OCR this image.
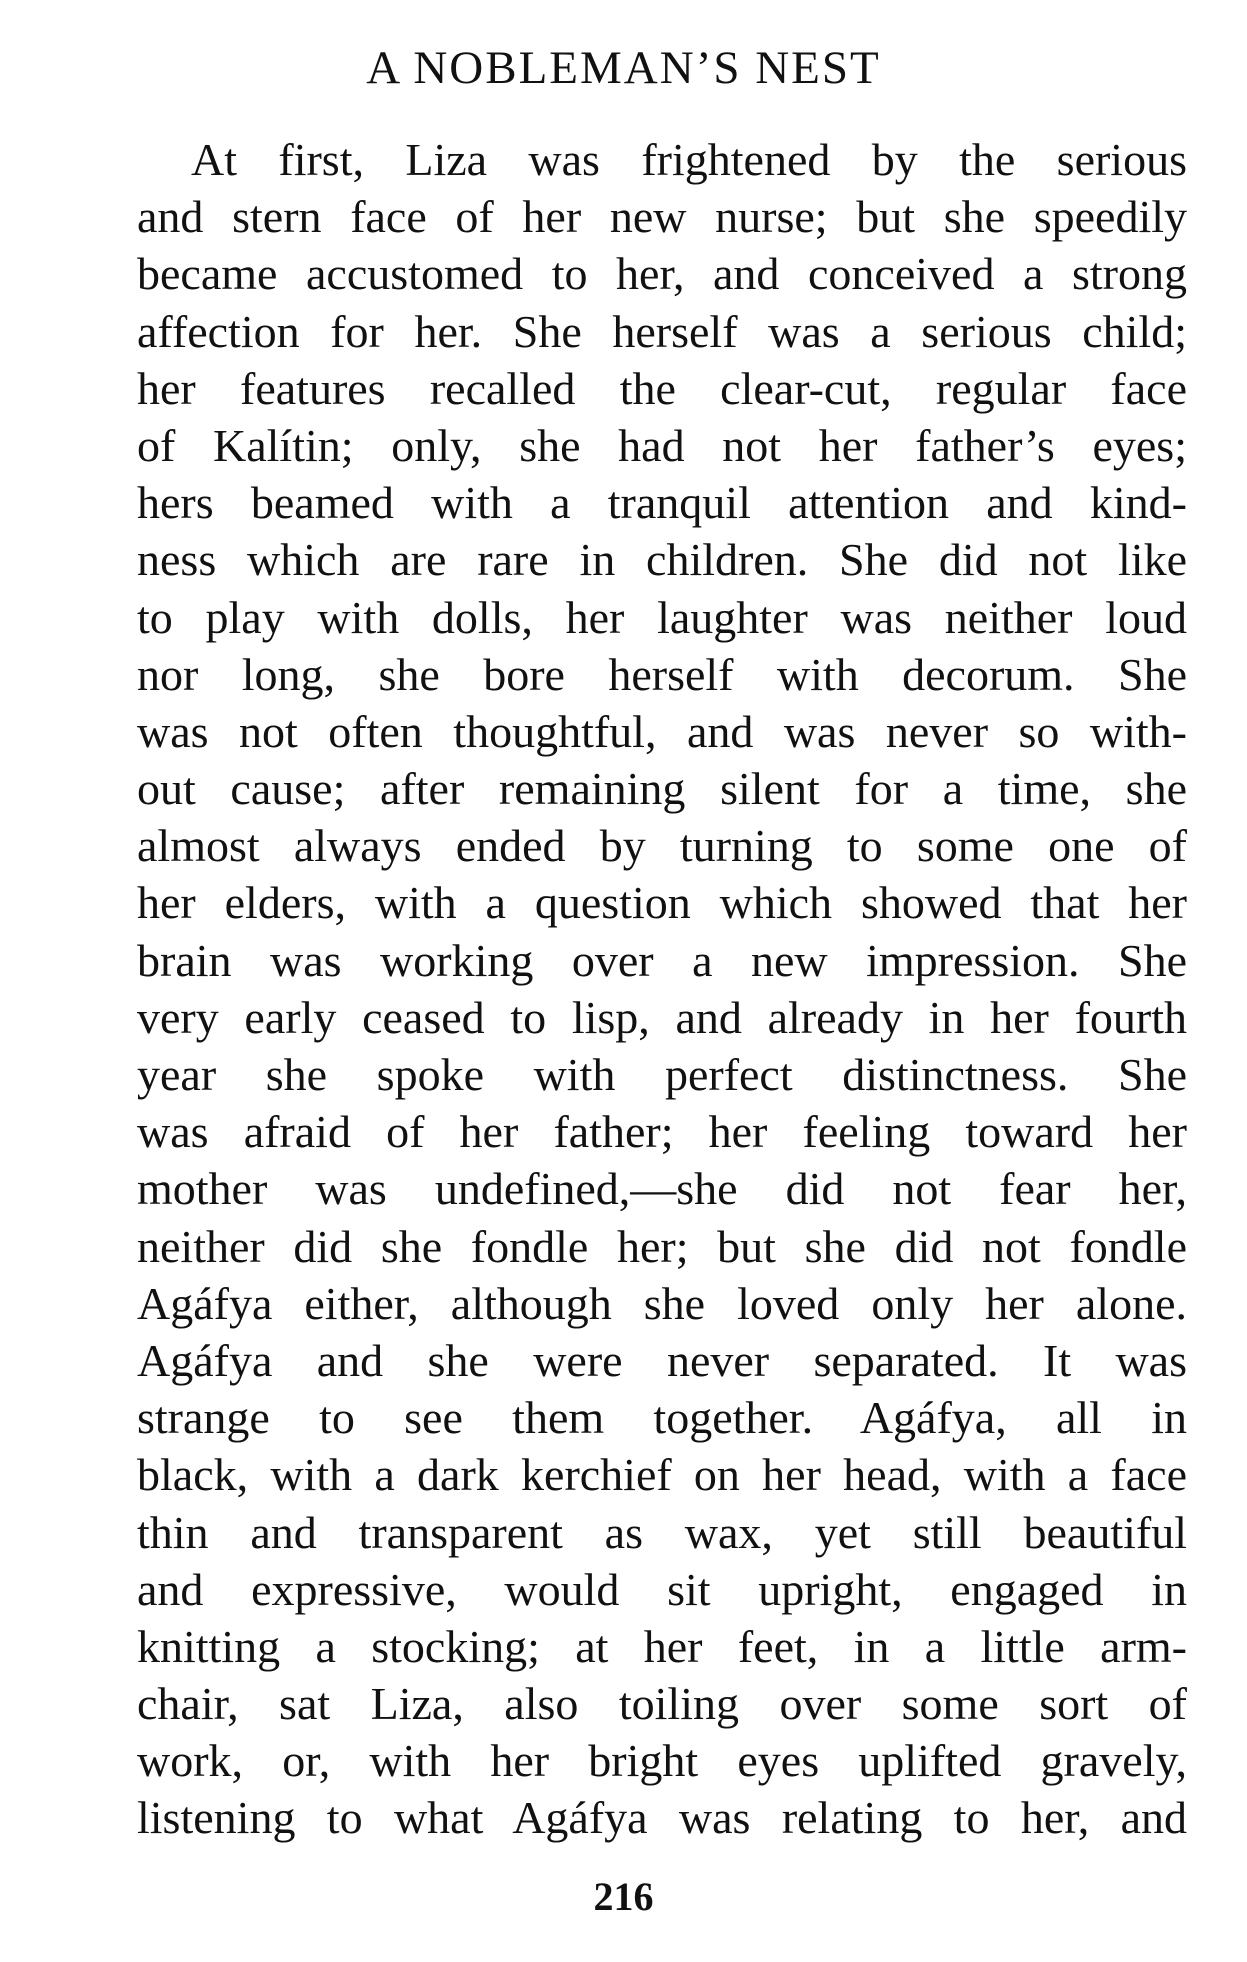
A NOBLEMAN’S NEST
At first, Liza was frightened by the serious
and stern face of her new nurse; but she speedily
became accustomed to her, and conceived a strong
affection for her. She herself was a serious child;
her features recalled the clear-cut, regular face
of Kalítin; only, she had not her father’s eyes;
hers beamed with a tranquil attention and kind-
ness which are rare in children. She did not like
to play with dolls, her laughter was neither loud
nor long, she bore herself with decorum. She
was not often thoughtful, and was never so with-
out cause; after remaining silent for a time, she
almost always ended by turning to some one of
her elders, with a question which showed that her
brain was working over a new impression. She
very early ceased to lisp, and already in her fourth
year she spoke with perfect distinctness. She
was afraid of her father; her feeling toward her
mother was undefined,—she did not fear her,
neither did she fondle her; but she did not fondle
Agáfya either, although she loved only her alone.
Agáfya and she were never separated. It was
strange to see them together. Agáfya, all in
black, with a dark kerchief on her head, with a face
thin and transparent as wax, yet still beautiful
and expressive, would sit upright, engaged in
knitting a stocking; at her feet, in a little arm-
chair, sat Liza, also toiling over some sort of
work, or, with her bright eyes uplifted gravely,
listening to what Agáfya was relating to her, and
216
